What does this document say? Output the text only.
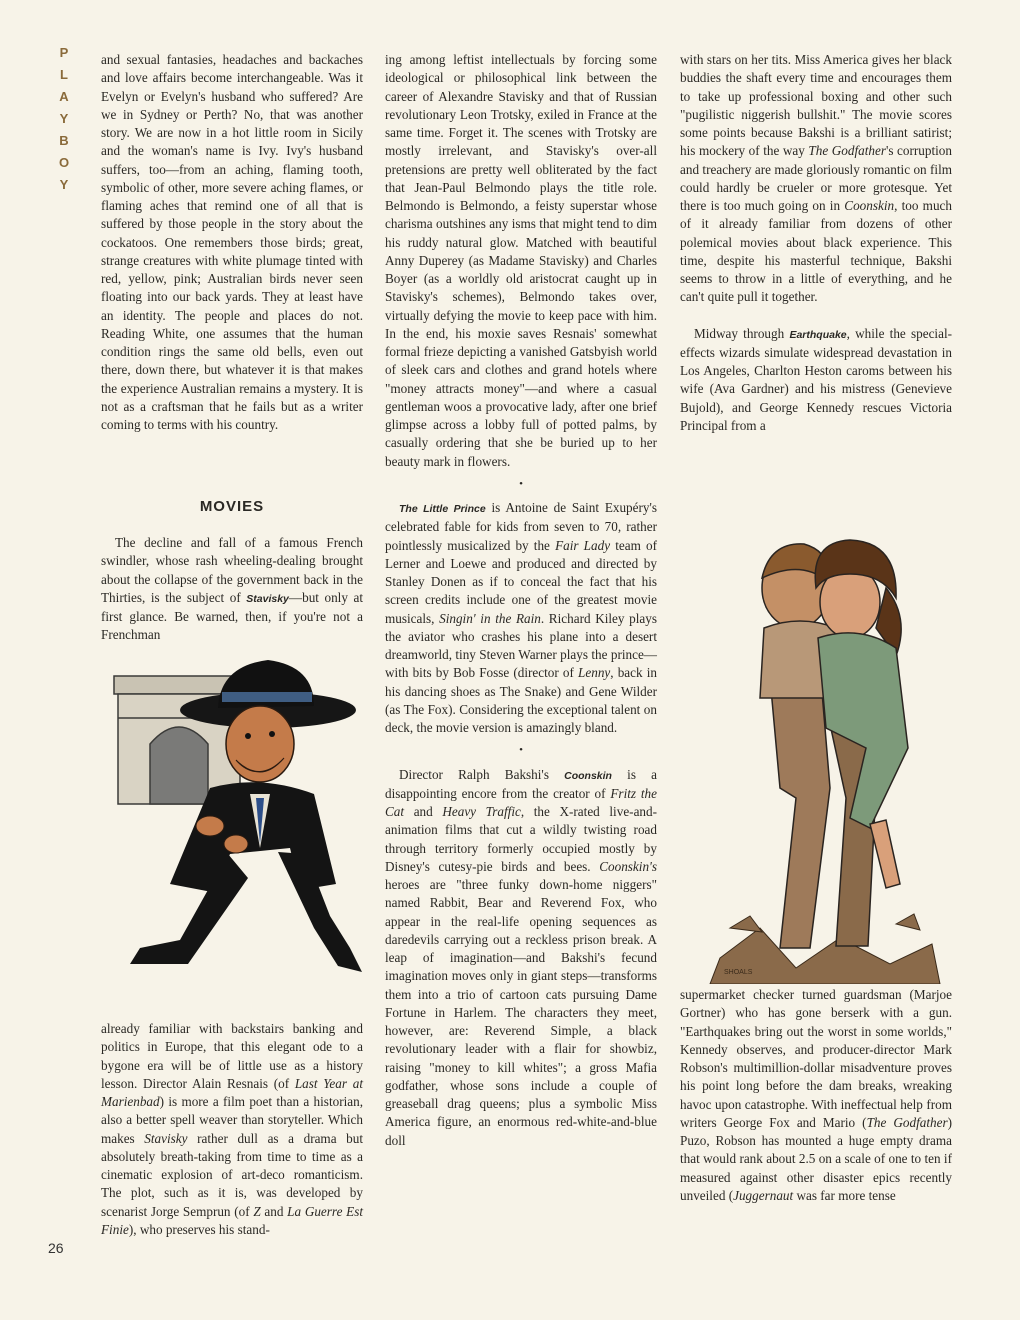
P
L
A
Y
B
O
Y

and sexual fantasies, headaches and backaches and love affairs become interchangeable. Was it Evelyn or Evelyn's husband who suffered? Are we in Sydney or Perth? No, that was another story. We are now in a hot little room in Sicily and the woman's name is Ivy. Ivy's husband suffers, too—from an aching, flaming tooth, symbolic of other, more severe aching flames, or flaming aches that remind one of all that is suffered by those people in the story about the cockatoos. One remembers those birds; great, strange creatures with white plumage tinted with red, yellow, pink; Australian birds never seen floating into our back yards. They at least have an identity. The people and places do not. Reading White, one assumes that the human condition rings the same old bells, even out there, down there, but whatever it is that makes the experience Australian remains a mystery. It is not as a craftsman that he fails but as a writer coming to terms with his country.

MOVIES

The decline and fall of a famous French swindler, whose rash wheeling-dealing brought about the collapse of the government back in the Thirties, is the subject of Stavisky—but only at first glance. Be warned, then, if you're not a Frenchman

already familiar with backstairs banking and politics in Europe, that this elegant ode to a bygone era will be of little use as a history lesson. Director Alain Resnais (of Last Year at Marienbad) is more a film poet than a historian, also a better spell weaver than storyteller. Which makes Stavisky rather dull as a drama but absolutely breath-taking from time to time as a cinematic explosion of art-deco romanticism. The plot, such as it is, was developed by scenarist Jorge Semprun (of Z and La Guerre Est Finie), who preserves his stand-

26

ing among leftist intellectuals by forcing some ideological or philosophical link between the career of Alexandre Stavisky and that of Russian revolutionary Leon Trotsky, exiled in France at the same time. Forget it. The scenes with Trotsky are mostly irrelevant, and Stavisky's over-all pretensions are pretty well obliterated by the fact that Jean-Paul Belmondo plays the title role. Belmondo is Belmondo, a feisty superstar whose charisma outshines any isms that might tend to dim his ruddy natural glow. Matched with beautiful Anny Duperey (as Madame Stavisky) and Charles Boyer (as a worldly old aristocrat caught up in Stavisky's schemes), Belmondo takes over, virtually defying the movie to keep pace with him. In the end, his moxie saves Resnais' somewhat formal frieze depicting a vanished Gatsbyish world of sleek cars and clothes and grand hotels where "money attracts money"—and where a casual gentleman woos a provocative lady, after one brief glimpse across a lobby full of potted palms, by casually ordering that she be buried up to her beauty mark in flowers.

•

The Little Prince is Antoine de Saint Exupéry's celebrated fable for kids from seven to 70, rather pointlessly musicalized by the Fair Lady team of Lerner and Loewe and produced and directed by Stanley Donen as if to conceal the fact that his screen credits include one of the greatest movie musicals, Singin' in the Rain. Richard Kiley plays the aviator who crashes his plane into a desert dreamworld, tiny Steven Warner plays the prince—with bits by Bob Fosse (director of Lenny, back in his dancing shoes as The Snake) and Gene Wilder (as The Fox). Considering the exceptional talent on deck, the movie version is amazingly bland.

•

Director Ralph Bakshi's Coonskin is a disappointing encore from the creator of Fritz the Cat and Heavy Traffic, the X-rated live-and-animation films that cut a wildly twisting road through territory formerly occupied mostly by Disney's cutesy-pie birds and bees. Coonskin's heroes are "three funky down-home niggers" named Rabbit, Bear and Reverend Fox, who appear in the real-life opening sequences as daredevils carrying out a reckless prison break. A leap of imagination—and Bakshi's fecund imagination moves only in giant steps—transforms them into a trio of cartoon cats pursuing Dame Fortune in Harlem. The characters they meet, however, are: Reverend Simple, a black revolutionary leader with a flair for showbiz, raising "money to kill whites"; a gross Mafia godfather, whose sons include a couple of greaseball drag queens; plus a symbolic Miss America figure, an enormous red-white-and-blue doll

with stars on her tits. Miss America gives her black buddies the shaft every time and encourages them to take up professional boxing and other such "pugilistic niggerish bullshit." The movie scores some points because Bakshi is a brilliant satirist; his mockery of the way The Godfather's corruption and treachery are made gloriously romantic on film could hardly be crueler or more grotesque. Yet there is too much going on in Coonskin, too much of it already familiar from dozens of other polemical movies about black experience. This time, despite his masterful technique, Bakshi seems to throw in a little of everything, and he can't quite pull it together.

Midway through Earthquake, while the special-effects wizards simulate widespread devastation in Los Angeles, Charlton Heston caroms between his wife (Ava Gardner) and his mistress (Genevieve Bujold), and George Kennedy rescues Victoria Principal from a

SHOALS

supermarket checker turned guardsman (Marjoe Gortner) who has gone berserk with a gun. "Earthquakes bring out the worst in some worlds," Kennedy observes, and producer-director Mark Robson's multimillion-dollar misadventure proves his point long before the dam breaks, wreaking havoc upon catastrophe. With ineffectual help from writers George Fox and Mario (The Godfather) Puzo, Robson has mounted a huge empty drama that would rank about 2.5 on a scale of one to ten if measured against other disaster epics recently unveiled (Juggernaut was far more tense
